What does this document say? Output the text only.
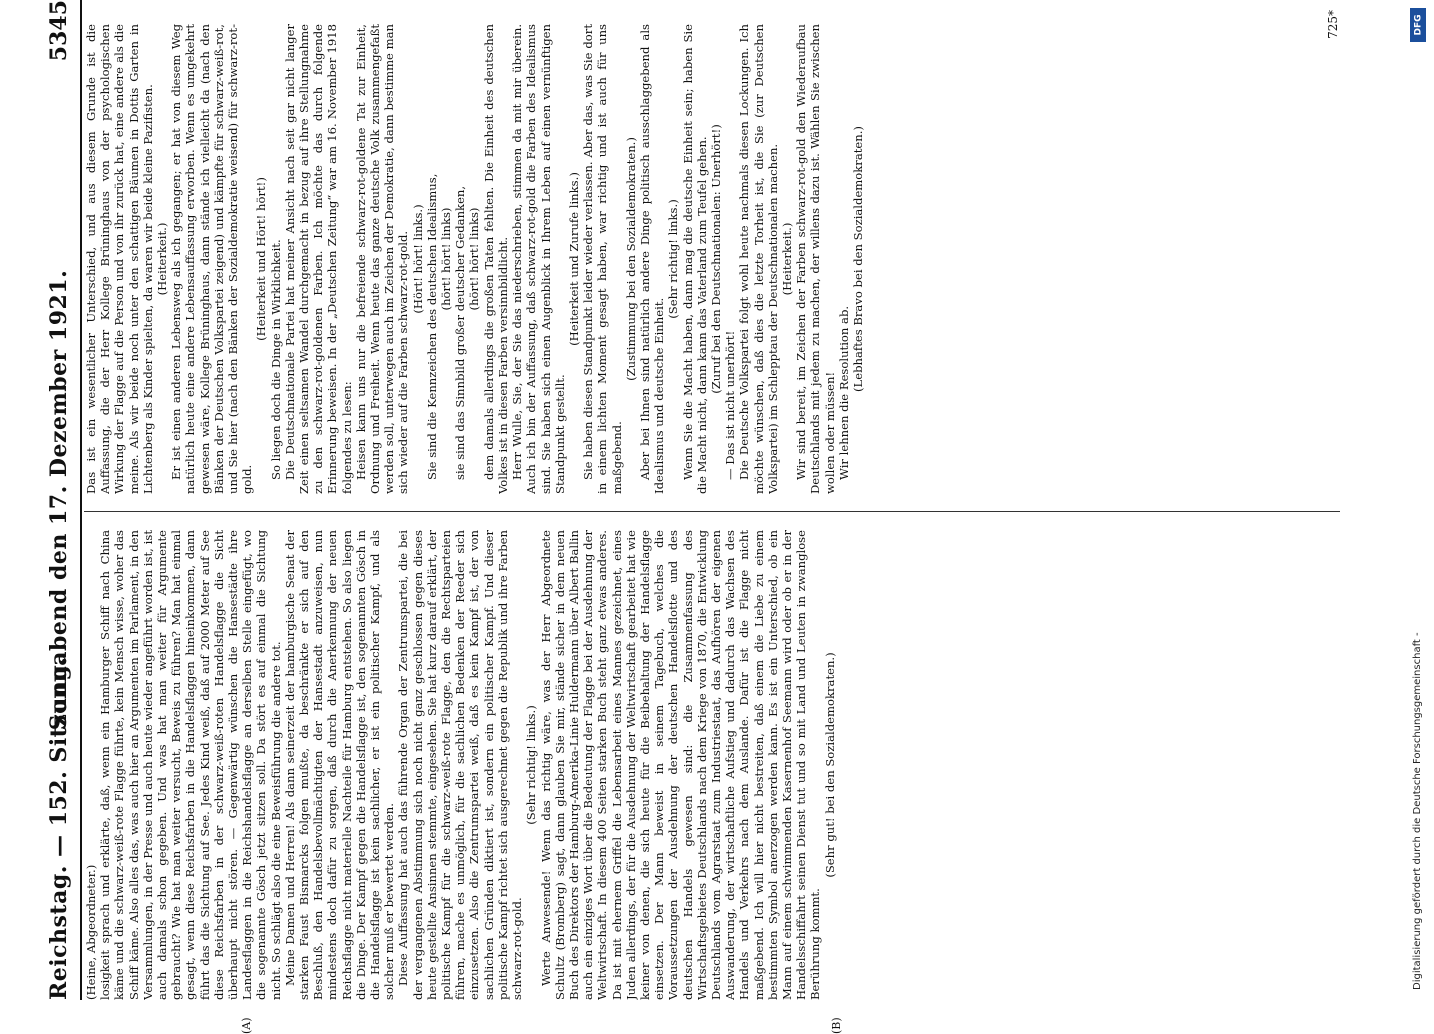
Reichstag. — 152. Sitzung.
Sonnabend den 17. Dezember 1921.
5345
(A)	(B)

(Heine, Abgeordneter.) losigkeit sprach und erklärte, daß, wenn ein Hamburger Schiff nach China käme und die schwarz-weiß-rote Flagge führte, kein Mensch wisse, woher das Schiff käme. Also alles das, was auch hier an Argumenten im Parlament, in den Versammlungen, in der Presse und auch heute wieder angeführt worden ist, ist auch damals schon gegeben. Und was hat man weiter für Argumente gebraucht? Wie hat man weiter versucht, Beweis zu führen? Man hat einmal gesagt, wenn diese Reichsfarben in die Handelsflaggen hineinkommen, dann führt das die Sichtung auf See. Jedes Kind weiß, daß auf 2000 Meter auf See diese Reichsfarben in der schwarz-weiß-roten Handelsflagge die Sicht überhaupt nicht stören. — Gegenwärtig wünschen die Hansestädte ihre Landesflaggen in die Reichshandelsflagge an derselben Stelle eingefügt, wo die sogenannte Gösch jetzt sitzen soll. Da stört es auf einmal die Sichtung nicht. So schlägt also die eine Beweisführung die andere tot. Meine Damen und Herren! Als dann seinerzeit der hamburgische Senat der starken Faust Bismarcks folgen mußte, da beschränkte er sich auf den Beschluß, den Handelsbevollmächtigten der Hansestadt anzuweisen, nun mindestens doch dafür zu sorgen, daß durch die Anerkennung der neuen Reichsflagge nicht materielle Nachteile für Hamburg entstehen. So also liegen die Dinge. Der Kampf gegen die Handelsflagge ist, den sogenannten Gösch in die Handelsflagge ist kein sachlicher, er ist ein politischer Kampf, und als solcher muß er bewertet werden. Diese Auffassung hat auch das führende Organ der Zentrumspartei, die bei der vergangenen Abstimmung sich noch nicht ganz geschlossen gegen dieses heute gestellte Ansinnen stemmte, eingesehen. Sie hat kurz darauf erklärt, der politische Kampf für die schwarz-weiß-rote Flagge, den die Rechtsparteien führen, mache es unmöglich, für die sachlichen Bedenken der Reeder sich einzusetzen. Also die Zentrumspartei weiß, daß es kein Kampf ist, der von sachlichen Gründen diktiert ist, sondern ein politischer Kampf. Und dieser politische Kampf richtet sich ausgerechnet gegen die Republik und ihre Farben schwarz-rot-gold.

(Sehr richtig! links.) Werte Anwesende! Wenn das richtig wäre, was der Herr Abgeordnete Schultz (Bromberg) sagt, dann glauben Sie mir, stände sicher in dem neuen Buch des Direktors der Hamburg-Amerika-Linie Huldermann über Albert Ballin auch ein einziges Wort über die Bedeutung der Flagge bei der Ausdehnung der Weltwirtschaft. In diesem 400 Seiten starken Buch steht ganz etwas anderes. Da ist mit ehernem Griffel die Lebensarbeit eines Mannes gezeichnet, eines Juden allerdings, der für die Ausdehnung der Weltwirtschaft gearbeitet hat wie keiner von denen, die sich heute für die Beibehaltung der Handelsflagge einsetzen. Der Mann beweist in seinem Tagebuch, welches die Voraussetzungen der Ausdehnung der deutschen Handelsflotte und des deutschen Handels gewesen sind: die Zusammenfassung des Wirtschaftsgebietes Deutschlands nach dem Kriege von 1870, die Entwicklung Deutschlands vom Agrarstaat zum Industriestaat, das Aufhören der eigenen Auswanderung, der wirtschaftliche Aufstieg und dadurch das Wachsen des Handels und Verkehrs nach dem Auslande. Dafür ist die Flagge nicht maßgebend. Ich will hier nicht bestreiten, daß einem die Liebe zu einem bestimmten Symbol anerzogen werden kann. Es ist ein Unterschied, ob ein Mann auf einem schwimmenden Kasernenhof Seemann wird oder ob er in der Handelsschiffahrt seinen Dienst tut und so mit Land und Leuten in zwanglose Berührung kommt.

(Sehr gut! bei den Sozialdemokraten.)

Das ist ein wesentlicher Unterschied, und aus diesem Grunde ist die Auffassung, die der Herr Kollege Brüninghaus von der psychologischen Wirkung der Flagge auf die Person und von ihr zurück hat, eine andere als die meine. Als wir beide noch unter den schattigen Bäumen in Dottis Garten in Lichtenberg als Kinder spielten, da waren wir beide kleine Pazifisten. (Heiterkeit.) Er ist einen anderen Lebensweg als ich gegangen; er hat von diesem Weg natürlich heute eine andere Lebensauffassung erworben. Wenn es umgekehrt gewesen wäre, Kollege Brüninghaus, dann stände ich vielleicht da (nach den Bänken der Deutschen Volkspartei zeigend) und kämpfte für schwarz-weiß-rot, und Sie hier (nach den Bänken der Sozialdemokratie weisend) für schwarz-rot-gold.

(Heiterkeit und Hört! hört!) So liegen doch die Dinge in Wirklichkeit. Die Deutschnationale Partei hat meiner Ansicht nach seit gar nicht langer Zeit einen seltsamen Wandel durchgemacht in bezug auf ihre Stellungnahme zu den schwarz-rot-goldenen Farben. Ich möchte das durch folgende Erinnerung beweisen. In der „Deutschen Zeitung“ war am 16. November 1918 folgendes zu lesen: Heisen kann uns nur die befreiende schwarz-rot-goldene Tat zur Einheit, Ordnung und Freiheit. Wenn heute das ganze deutsche Volk zusammengefaßt werden soll, unterwegen auch im Zeichen der Demokratie, dann bestimme man sich wieder auf die Farben schwarz-rot-gold. (Hört! hört! links.) Sie sind die Kennzeichen des deutschen Idealismus, (hört! hört! links) sie sind das Sinnbild großer deutscher Gedanken, (hört! hört! links) dem damals allerdings die großen Taten fehlten. Die Einheit des deutschen Volkes ist in diesen Farben versinnbildlicht. Herr Wulle, Sie, der Sie das niederschrieben, stimmen da mit mir überein. Auch ich bin der Auffassung, daß schwarz-rot-gold die Farben des Idealismus sind. Sie haben sich einen Augenblick in Ihrem Leben auf einen vernünftigen Standpunkt gestellt.

(Heiterkeit und Zurufe links.) Sie haben diesen Standpunkt leider wieder verlassen. Aber das, was Sie dort in einem lichten Moment gesagt haben, war richtig und ist auch für uns maßgebend.

(Zustimmung bei den Sozialdemokraten.) Aber bei Ihnen sind natürlich andere Dinge politisch ausschlaggebend als Idealismus und deutsche Einheit.

(Sehr richtig! links.) Wenn Sie die Macht haben, dann mag die deutsche Einheit sein; haben Sie die Macht nicht, dann kann das Vaterland zum Teufel gehen. (Zuruf bei den Deutschnationalen: Unerhört!)

— Das ist nicht unerhört! Die Deutsche Volkspartei folgt wohl heute nachmals diesen Lockungen. Ich möchte wünschen, daß dies die letzte Torheit ist, die Sie (zur Deutschen Volkspartei) im Schlepptau der Deutschnationalen machen. (Heiterkeit.) Wir sind bereit, im Zeichen der Farben schwarz-rot-gold den Wiederaufbau Deutschlands mit jedem zu machen, der willens dazu ist. Wählen Sie zwischen wollen oder müssen! Wir lehnen die Resolution ab.

(Lebhaftes Bravo bei den Sozialdemokraten.)

725*
Digitalisierung gefördert durch die Deutsche Forschungsgemeinschaft -
DFG
